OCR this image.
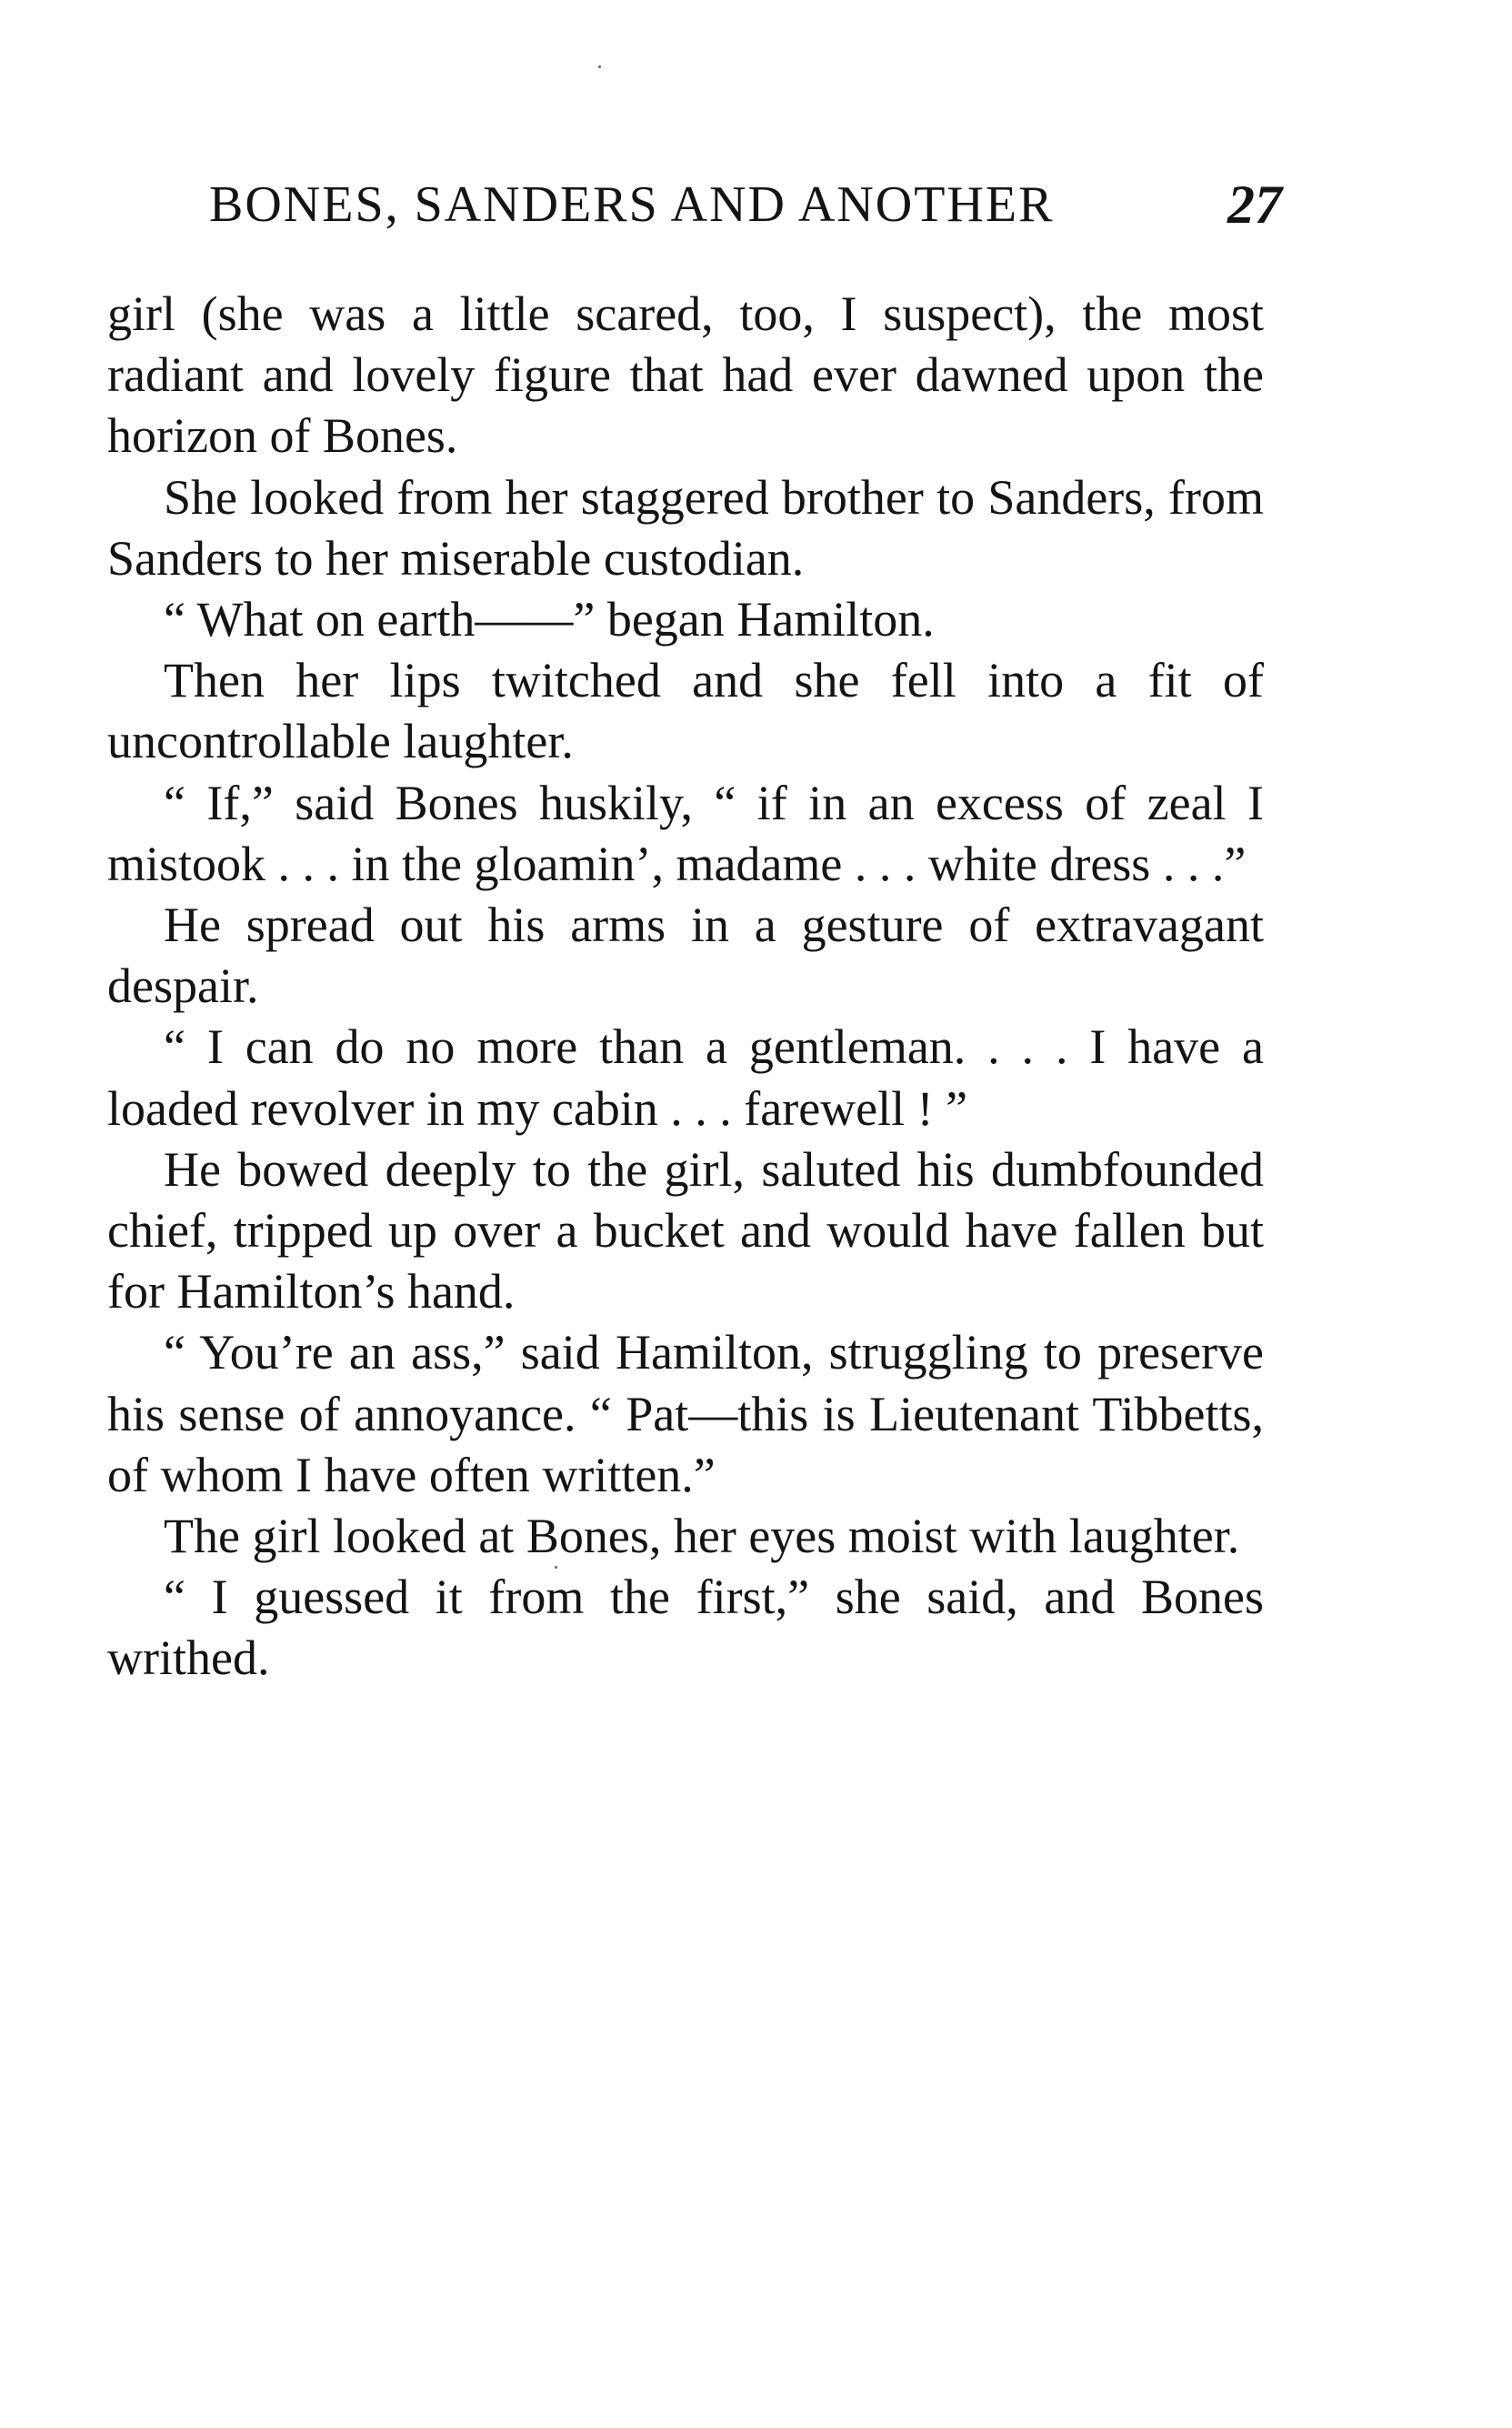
BONES, SANDERS AND ANOTHER	27

girl (she was a little scared, too, I suspect), the most radiant and lovely figure that had ever dawned upon the horizon of Bones.

She looked from her staggered brother to Sanders, from Sanders to her miserable custodian.

“ What on earth——” began Hamilton.

Then her lips twitched and she fell into a fit of uncontrollable laughter.

“ If,” said Bones huskily, “ if in an excess of zeal I mistook . . . in the gloamin’, madame . . . white dress . . .”

He spread out his arms in a gesture of extravagant despair.

“ I can do no more than a gentleman. . . . I have a loaded revolver in my cabin . . . farewell ! ”

He bowed deeply to the girl, saluted his dumbfounded chief, tripped up over a bucket and would have fallen but for Hamilton’s hand.

“ You’re an ass,” said Hamilton, struggling to preserve his sense of annoyance. “ Pat—this is Lieutenant Tibbetts, of whom I have often written.”

The girl looked at Bones, her eyes moist with laughter.

“ I guessed it from the first,” she said, and Bones writhed.
